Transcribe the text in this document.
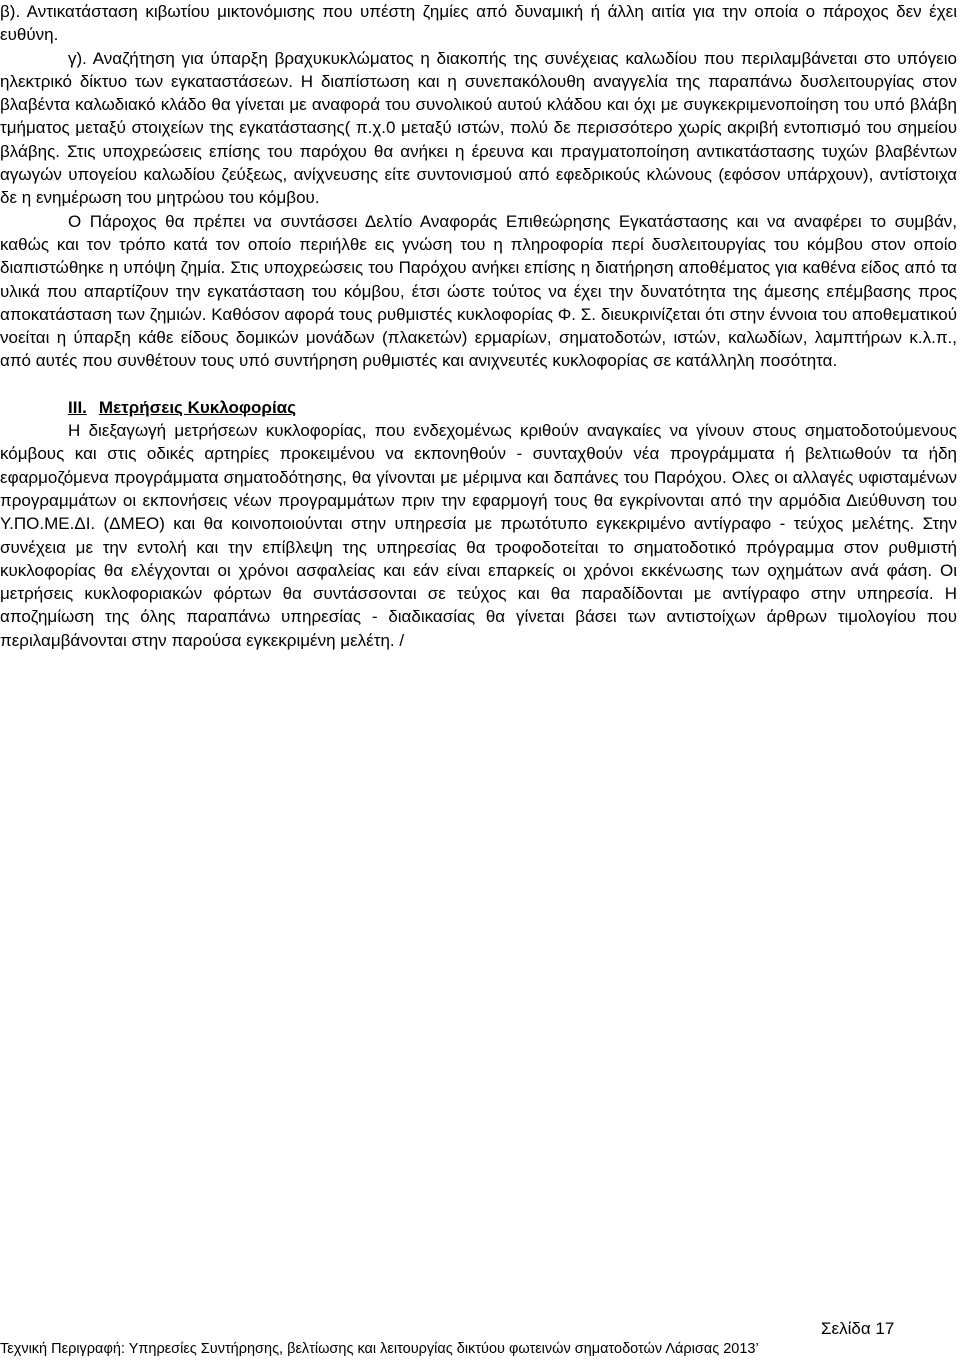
β). Αντικατάσταση κιβωτίου μικτονόμισης που υπέστη ζημίες από δυναμική ή άλλη αιτία για την οποία ο πάροχος δεν έχει ευθύνη.

γ). Αναζήτηση για ύπαρξη βραχυκυκλώματος η διακοπής της συνέχειας καλωδίου που περιλαμβάνεται στο υπόγειο ηλεκτρικό δίκτυο των εγκαταστάσεων. Η διαπίστωση και η συνεπακόλουθη αναγγελία της παραπάνω δυσλειτουργίας στον βλαβέντα καλωδιακό κλάδο θα γίνεται με αναφορά του συνολικού αυτού κλάδου και όχι με συγκεκριμενοποίηση του υπό βλάβη τμήματος μεταξύ στοιχείων της εγκατάστασης( π.χ.0 μεταξύ ιστών, πολύ δε περισσότερο χωρίς ακριβή εντοπισμό του σημείου βλάβης. Στις υποχρεώσεις επίσης του παρόχου θα ανήκει η έρευνα και πραγματοποίηση αντικατάστασης τυχών βλαβέντων αγωγών υπογείου καλωδίου ζεύξεως, ανίχνευσης είτε συντονισμού από εφεδρικούς κλώνους (εφόσον υπάρχουν), αντίστοιχα δε η ενημέρωση του μητρώου του κόμβου.

Ο Πάροχος θα πρέπει να συντάσσει Δελτίο Αναφοράς Επιθεώρησης Εγκατάστασης και να αναφέρει το συμβάν, καθώς και τον τρόπο κατά τον οποίο περιήλθε εις γνώση του η πληροφορία περί δυσλειτουργίας του κόμβου στον οποίο διαπιστώθηκε η υπόψη ζημία. Στις υποχρεώσεις του Παρόχου ανήκει επίσης η διατήρηση αποθέματος για καθένα είδος από τα υλικά που απαρτίζουν την εγκατάσταση του κόμβου, έτσι ώστε τούτος να έχει την δυνατότητα της άμεσης επέμβασης προς αποκατάσταση των ζημιών. Καθόσον αφορά τους ρυθμιστές κυκλοφορίας Φ. Σ. διευκρινίζεται ότι στην έννοια του αποθεματικού νοείται η ύπαρξη κάθε είδους δομικών μονάδων (πλακετών) ερμαρίων, σηματοδοτών, ιστών, καλωδίων, λαμπτήρων κ.λ.π., από αυτές που συνθέτουν τους υπό συντήρηση ρυθμιστές και ανιχνευτές κυκλοφορίας σε κατάλληλη ποσότητα.

ΙΙΙ. Μετρήσεις Κυκλοφορίας

Η διεξαγωγή μετρήσεων κυκλοφορίας, που ενδεχομένως κριθούν αναγκαίες να γίνουν στους σηματοδοτούμενους κόμβους και στις οδικές αρτηρίες προκειμένου να εκπονηθούν - συνταχθούν νέα προγράμματα ή βελτιωθούν τα ήδη εφαρμοζόμενα προγράμματα σηματοδότησης, θα γίνονται με μέριμνα και δαπάνες του Παρόχου. Ολες οι αλλαγές υφισταμένων προγραμμάτων οι εκπονήσεις νέων προγραμμάτων πριν την εφαρμογή τους θα εγκρίνονται από την αρμόδια Διεύθυνση του Υ.ΠΟ.ΜΕ.ΔΙ. (ΔΜΕΟ) και θα κοινοποιούνται στην υπηρεσία με πρωτότυπο εγκεκριμένο αντίγραφο - τεύχος μελέτης. Στην συνέχεια με την εντολή και την επίβλεψη της υπηρεσίας θα τροφοδοτείται το σηματοδοτικό πρόγραμμα στον ρυθμιστή κυκλοφορίας θα ελέγχονται οι χρόνοι ασφαλείας και εάν είναι επαρκείς οι χρόνοι εκκένωσης των οχημάτων ανά φάση. Οι μετρήσεις κυκλοφοριακών φόρτων θα συντάσσονται σε τεύχος και θα παραδίδονται με αντίγραφο στην υπηρεσία. Η αποζημίωση της όλης παραπάνω υπηρεσίας - διαδικασίας θα γίνεται βάσει των αντιστοίχων άρθρων τιμολογίου που περιλαμβάνονται στην παρούσα εγκεκριμένη μελέτη. /

Σελίδα 17
Τεχνική Περιγραφή: Υπηρεσίες Συντήρησης, βελτίωσης και λειτουργίας δικτύου φωτεινών σηματοδοτών Λάρισας 2013’
